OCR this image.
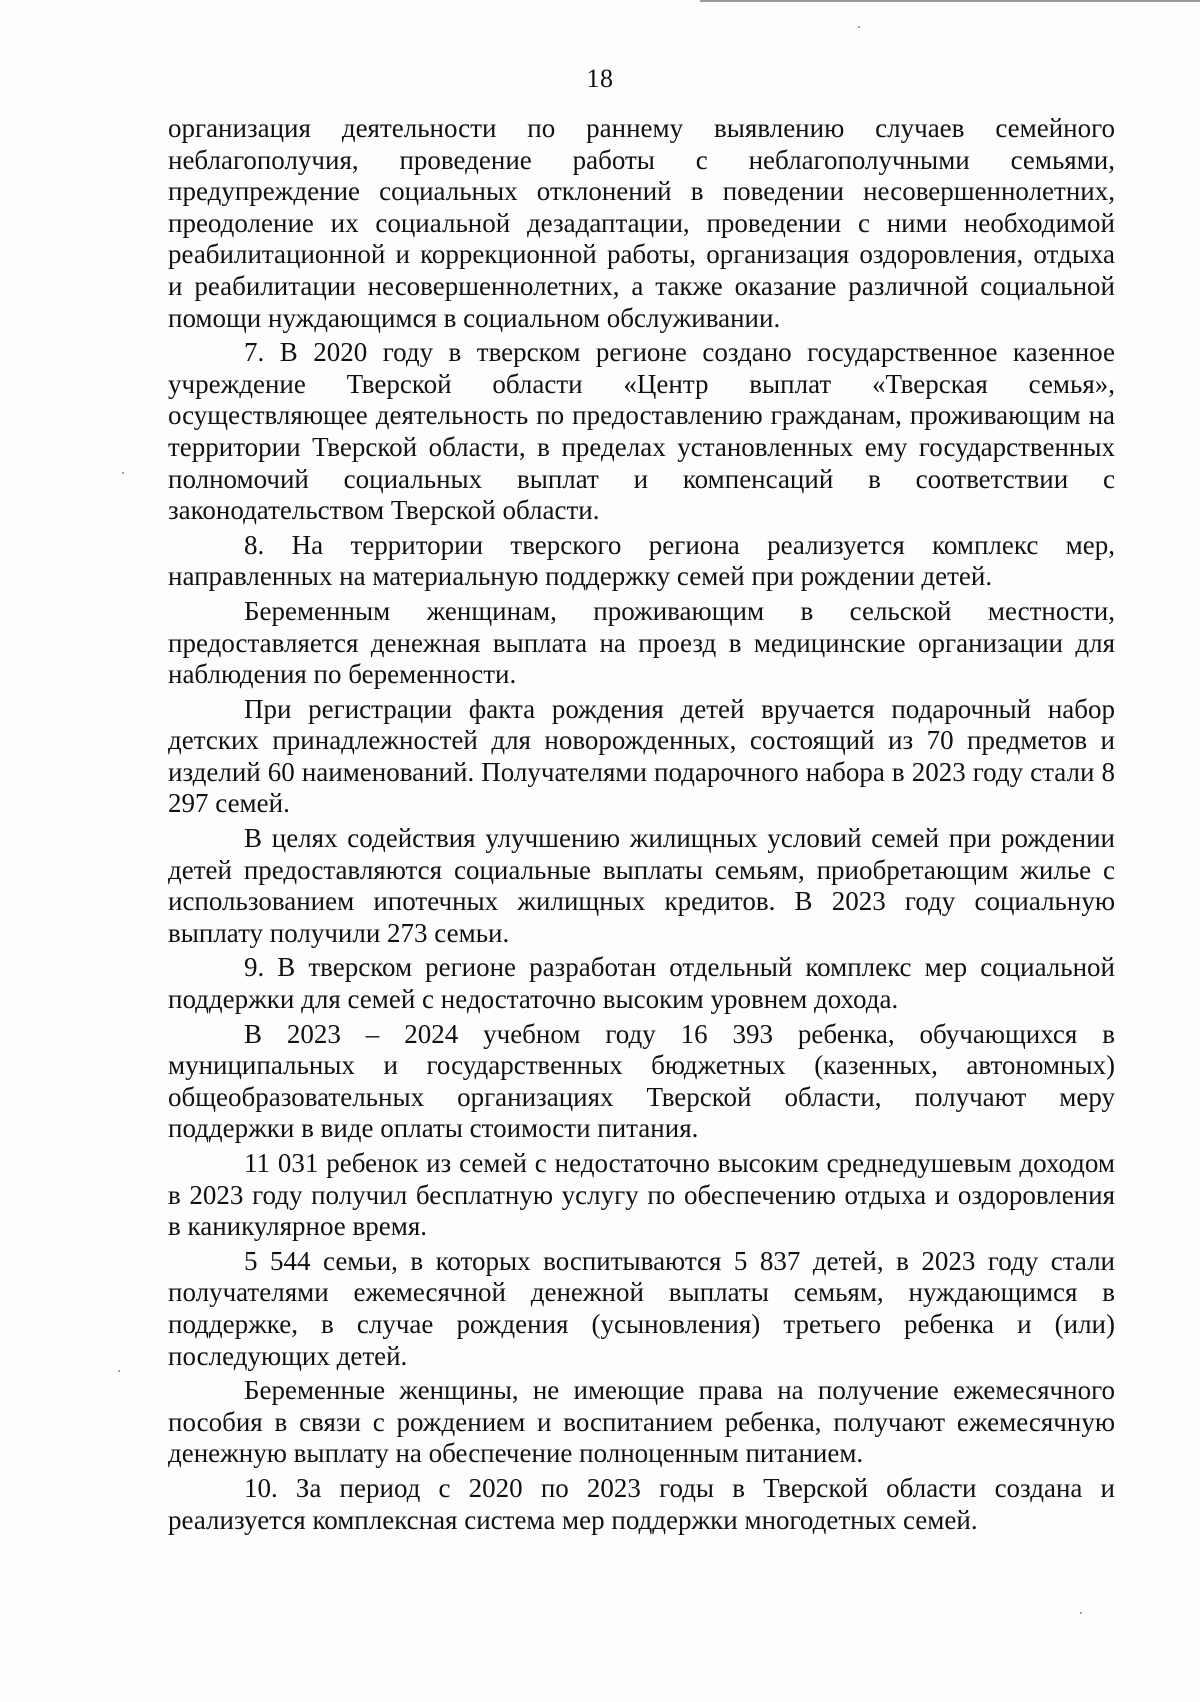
18

организация деятельности по раннему выявлению случаев семейного неблагополучия, проведение работы с неблагополучными семьями, предупреждение социальных отклонений в поведении несовершеннолетних, преодоление их социальной дезадаптации, проведении с ними необходимой реабилитационной и коррекционной работы, организация оздоровления, отдыха и реабилитации несовершеннолетних, а также оказание различной социальной помощи нуждающимся в социальном обслуживании.

7. В 2020 году в тверском регионе создано государственное казенное учреждение Тверской области «Центр выплат «Тверская семья», осуществляющее деятельность по предоставлению гражданам, проживающим на территории Тверской области, в пределах установленных ему государственных полномочий социальных выплат и компенсаций в соответствии с законодательством Тверской области.

8. На территории тверского региона реализуется комплекс мер, направленных на материальную поддержку семей при рождении детей.

Беременным женщинам, проживающим в сельской местности, предоставляется денежная выплата на проезд в медицинские организации для наблюдения по беременности.

При регистрации факта рождения детей вручается подарочный набор детских принадлежностей для новорожденных, состоящий из 70 предметов и изделий 60 наименований. Получателями подарочного набора в 2023 году стали 8 297 семей.

В целях содействия улучшению жилищных условий семей при рождении детей предоставляются социальные выплаты семьям, приобретающим жилье с использованием ипотечных жилищных кредитов. В 2023 году социальную выплату получили 273 семьи.

9. В тверском регионе разработан отдельный комплекс мер социальной поддержки для семей с недостаточно высоким уровнем дохода.

В 2023 – 2024 учебном году 16 393 ребенка, обучающихся в муниципальных и государственных бюджетных (казенных, автономных) общеобразовательных организациях Тверской области, получают меру поддержки в виде оплаты стоимости питания.

11 031 ребенок из семей с недостаточно высоким среднедушевым доходом в 2023 году получил бесплатную услугу по обеспечению отдыха и оздоровления в каникулярное время.

5 544 семьи, в которых воспитываются 5 837 детей, в 2023 году стали получателями ежемесячной денежной выплаты семьям, нуждающимся в поддержке, в случае рождения (усыновления) третьего ребенка и (или) последующих детей.

Беременные женщины, не имеющие права на получение ежемесячного пособия в связи с рождением и воспитанием ребенка, получают ежемесячную денежную выплату на обеспечение полноценным питанием.

10. За период с 2020 по 2023 годы в Тверской области создана и реализуется комплексная система мер поддержки многодетных семей.
